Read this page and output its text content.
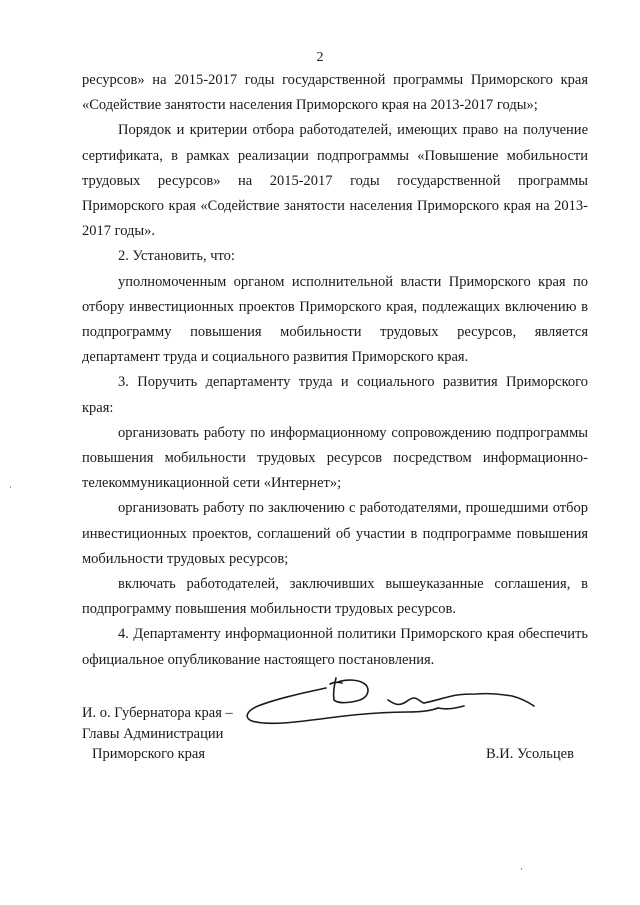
2

ресурсов» на 2015-2017 годы государственной программы Приморского края «Содействие занятости населения Приморского края на 2013-2017 годы»;

Порядок и критерии отбора работодателей, имеющих право на получение сертификата, в рамках реализации подпрограммы «Повышение мобильности трудовых ресурсов» на 2015-2017 годы государственной программы Приморского края «Содействие занятости населения Приморского края на 2013-2017 годы».

2. Установить, что:

уполномоченным органом исполнительной власти Приморского края по отбору инвестиционных проектов Приморского края, подлежащих включению в подпрограмму повышения мобильности трудовых ресурсов, является департамент труда и социального развития Приморского края.

3. Поручить департаменту труда и социального развития Приморского края:

организовать работу по информационному сопровождению подпрограммы повышения мобильности трудовых ресурсов посредством информационно-телекоммуникационной сети «Интернет»;

организовать работу по заключению с работодателями, прошедшими отбор инвестиционных проектов, соглашений об участии в подпрограмме повышения мобильности трудовых ресурсов;

включать работодателей, заключивших вышеуказанные соглашения, в подпрограмму повышения мобильности трудовых ресурсов.

4. Департаменту информационной политики Приморского края обеспечить официальное опубликование настоящего постановления.

И. о. Губернатора края –
Главы Администрации
Приморского края	В.И. Усольцев
